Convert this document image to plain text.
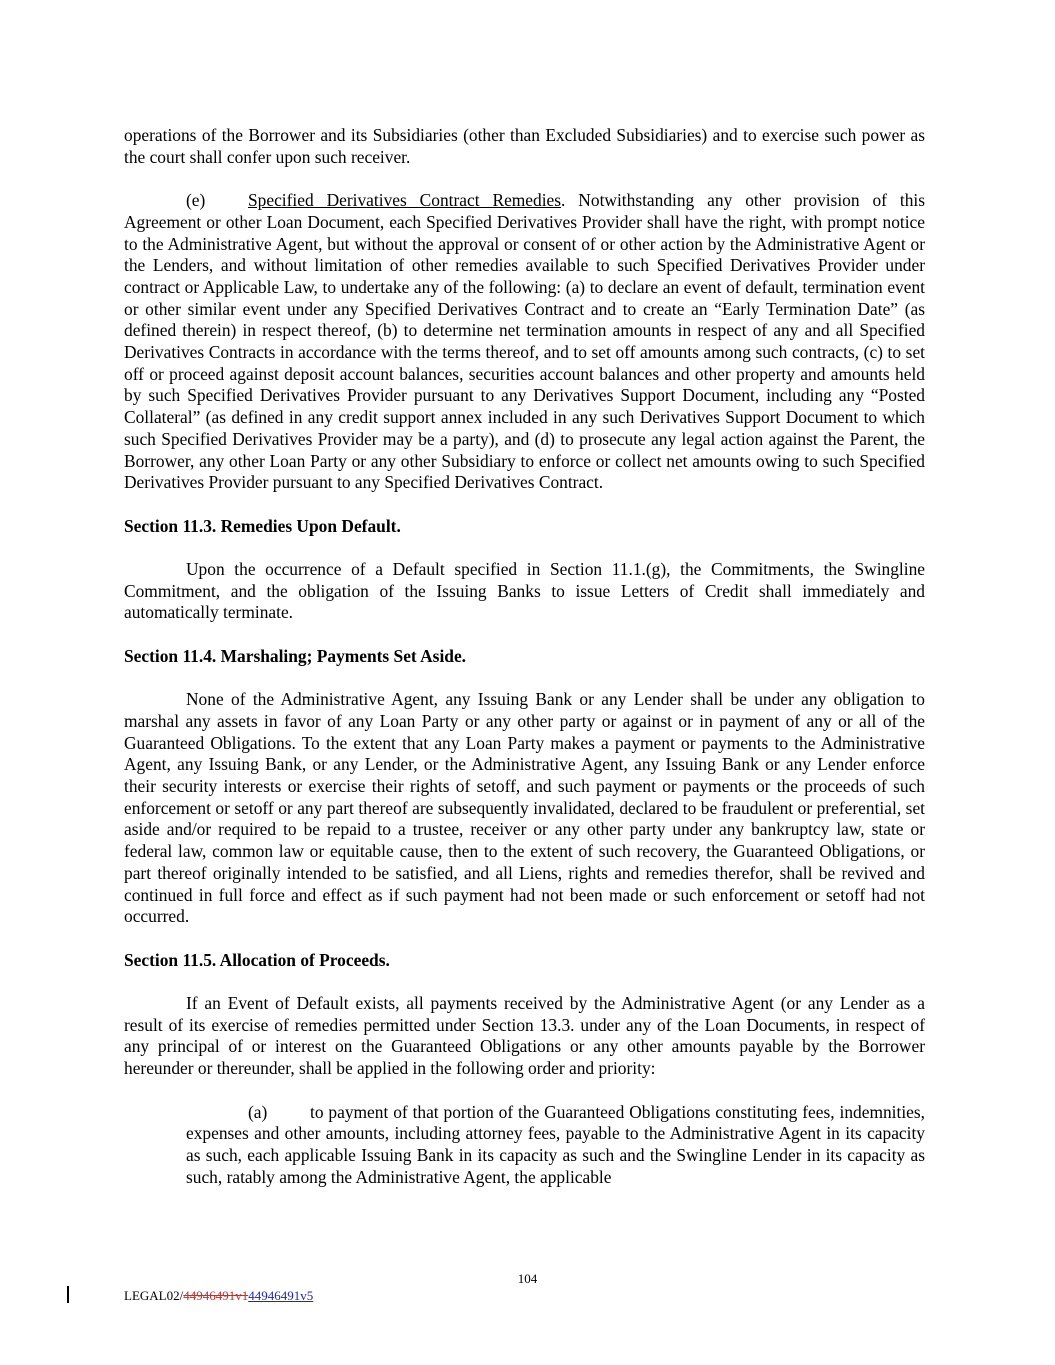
operations of the Borrower and its Subsidiaries (other than Excluded Subsidiaries) and to exercise such power as the court shall confer upon such receiver.

(e) Specified Derivatives Contract Remedies. Notwithstanding any other provision of this Agreement or other Loan Document, each Specified Derivatives Provider shall have the right, with prompt notice to the Administrative Agent, but without the approval or consent of or other action by the Administrative Agent or the Lenders, and without limitation of other remedies available to such Specified Derivatives Provider under contract or Applicable Law, to undertake any of the following: (a) to declare an event of default, termination event or other similar event under any Specified Derivatives Contract and to create an “Early Termination Date” (as defined therein) in respect thereof, (b) to determine net termination amounts in respect of any and all Specified Derivatives Contracts in accordance with the terms thereof, and to set off amounts among such contracts, (c) to set off or proceed against deposit account balances, securities account balances and other property and amounts held by such Specified Derivatives Provider pursuant to any Derivatives Support Document, including any “Posted Collateral” (as defined in any credit support annex included in any such Derivatives Support Document to which such Specified Derivatives Provider may be a party), and (d) to prosecute any legal action against the Parent, the Borrower, any other Loan Party or any other Subsidiary to enforce or collect net amounts owing to such Specified Derivatives Provider pursuant to any Specified Derivatives Contract.

Section 11.3. Remedies Upon Default.

Upon the occurrence of a Default specified in Section 11.1.(g), the Commitments, the Swingline Commitment, and the obligation of the Issuing Banks to issue Letters of Credit shall immediately and automatically terminate.

Section 11.4. Marshaling; Payments Set Aside.

None of the Administrative Agent, any Issuing Bank or any Lender shall be under any obligation to marshal any assets in favor of any Loan Party or any other party or against or in payment of any or all of the Guaranteed Obligations. To the extent that any Loan Party makes a payment or payments to the Administrative Agent, any Issuing Bank, or any Lender, or the Administrative Agent, any Issuing Bank or any Lender enforce their security interests or exercise their rights of setoff, and such payment or payments or the proceeds of such enforcement or setoff or any part thereof are subsequently invalidated, declared to be fraudulent or preferential, set aside and/or required to be repaid to a trustee, receiver or any other party under any bankruptcy law, state or federal law, common law or equitable cause, then to the extent of such recovery, the Guaranteed Obligations, or part thereof originally intended to be satisfied, and all Liens, rights and remedies therefor, shall be revived and continued in full force and effect as if such payment had not been made or such enforcement or setoff had not occurred.

Section 11.5. Allocation of Proceeds.

If an Event of Default exists, all payments received by the Administrative Agent (or any Lender as a result of its exercise of remedies permitted under Section 13.3. under any of the Loan Documents, in respect of any principal of or interest on the Guaranteed Obligations or any other amounts payable by the Borrower hereunder or thereunder, shall be applied in the following order and priority:

(a) to payment of that portion of the Guaranteed Obligations constituting fees, indemnities, expenses and other amounts, including attorney fees, payable to the Administrative Agent in its capacity as such, each applicable Issuing Bank in its capacity as such and the Swingline Lender in its capacity as such, ratably among the Administrative Agent, the applicable

104
LEGAL02/44946491v144946491v5
